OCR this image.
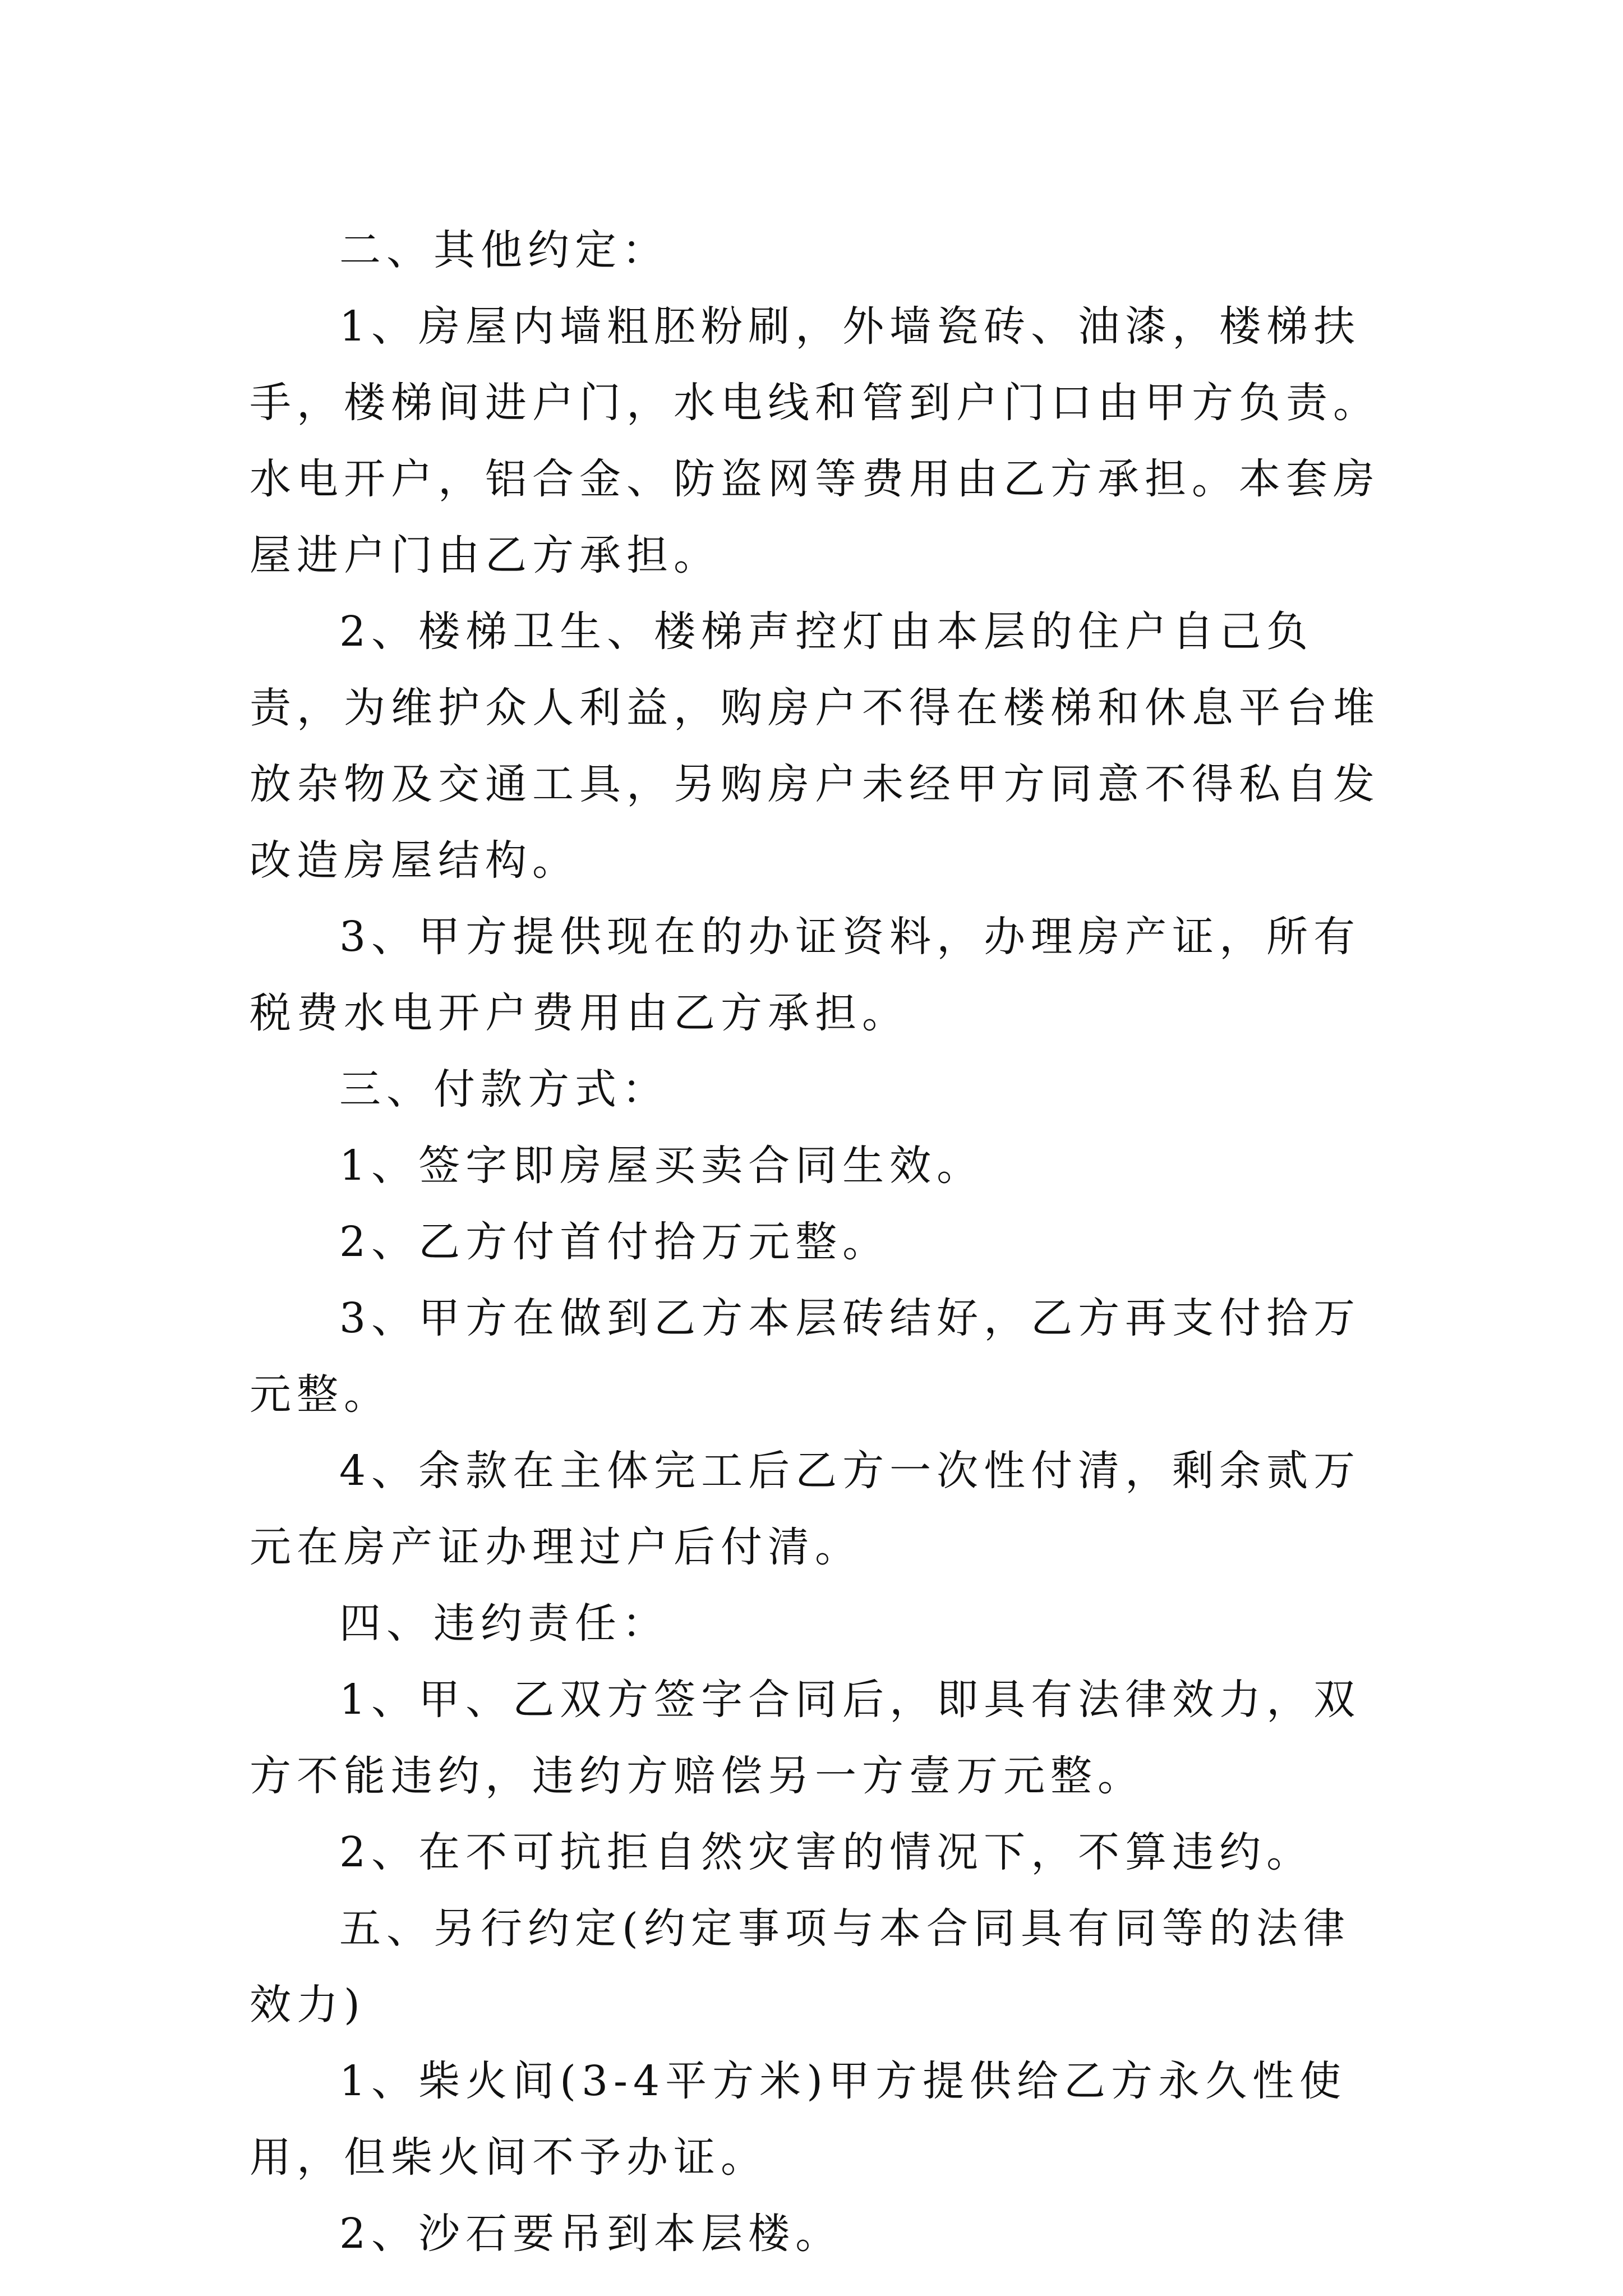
二、其他约定：

1、房屋内墙粗胚粉刷，外墙瓷砖、油漆，楼梯扶手，楼梯间进户门，水电线和管到户门口由甲方负责。水电开户，铝合金、防盗网等费用由乙方承担。本套房屋进户门由乙方承担。

2、楼梯卫生、楼梯声控灯由本层的住户自己负责，为维护众人利益，购房户不得在楼梯和休息平台堆放杂物及交通工具，另购房户未经甲方同意不得私自发改造房屋结构。

3、甲方提供现在的办证资料，办理房产证，所有税费水电开户费用由乙方承担。

三、付款方式：

1、签字即房屋买卖合同生效。

2、乙方付首付拾万元整。

3、甲方在做到乙方本层砖结好，乙方再支付拾万元整。

4、余款在主体完工后乙方一次性付清，剩余贰万元在房产证办理过户后付清。

四、违约责任：

1、甲、乙双方签字合同后，即具有法律效力，双方不能违约，违约方赔偿另一方壹万元整。

2、在不可抗拒自然灾害的情况下，不算违约。

五、另行约定(约定事项与本合同具有同等的法律效力)

1、柴火间(3-4平方米)甲方提供给乙方永久性使用，但柴火间不予办证。

2、沙石要吊到本层楼。
